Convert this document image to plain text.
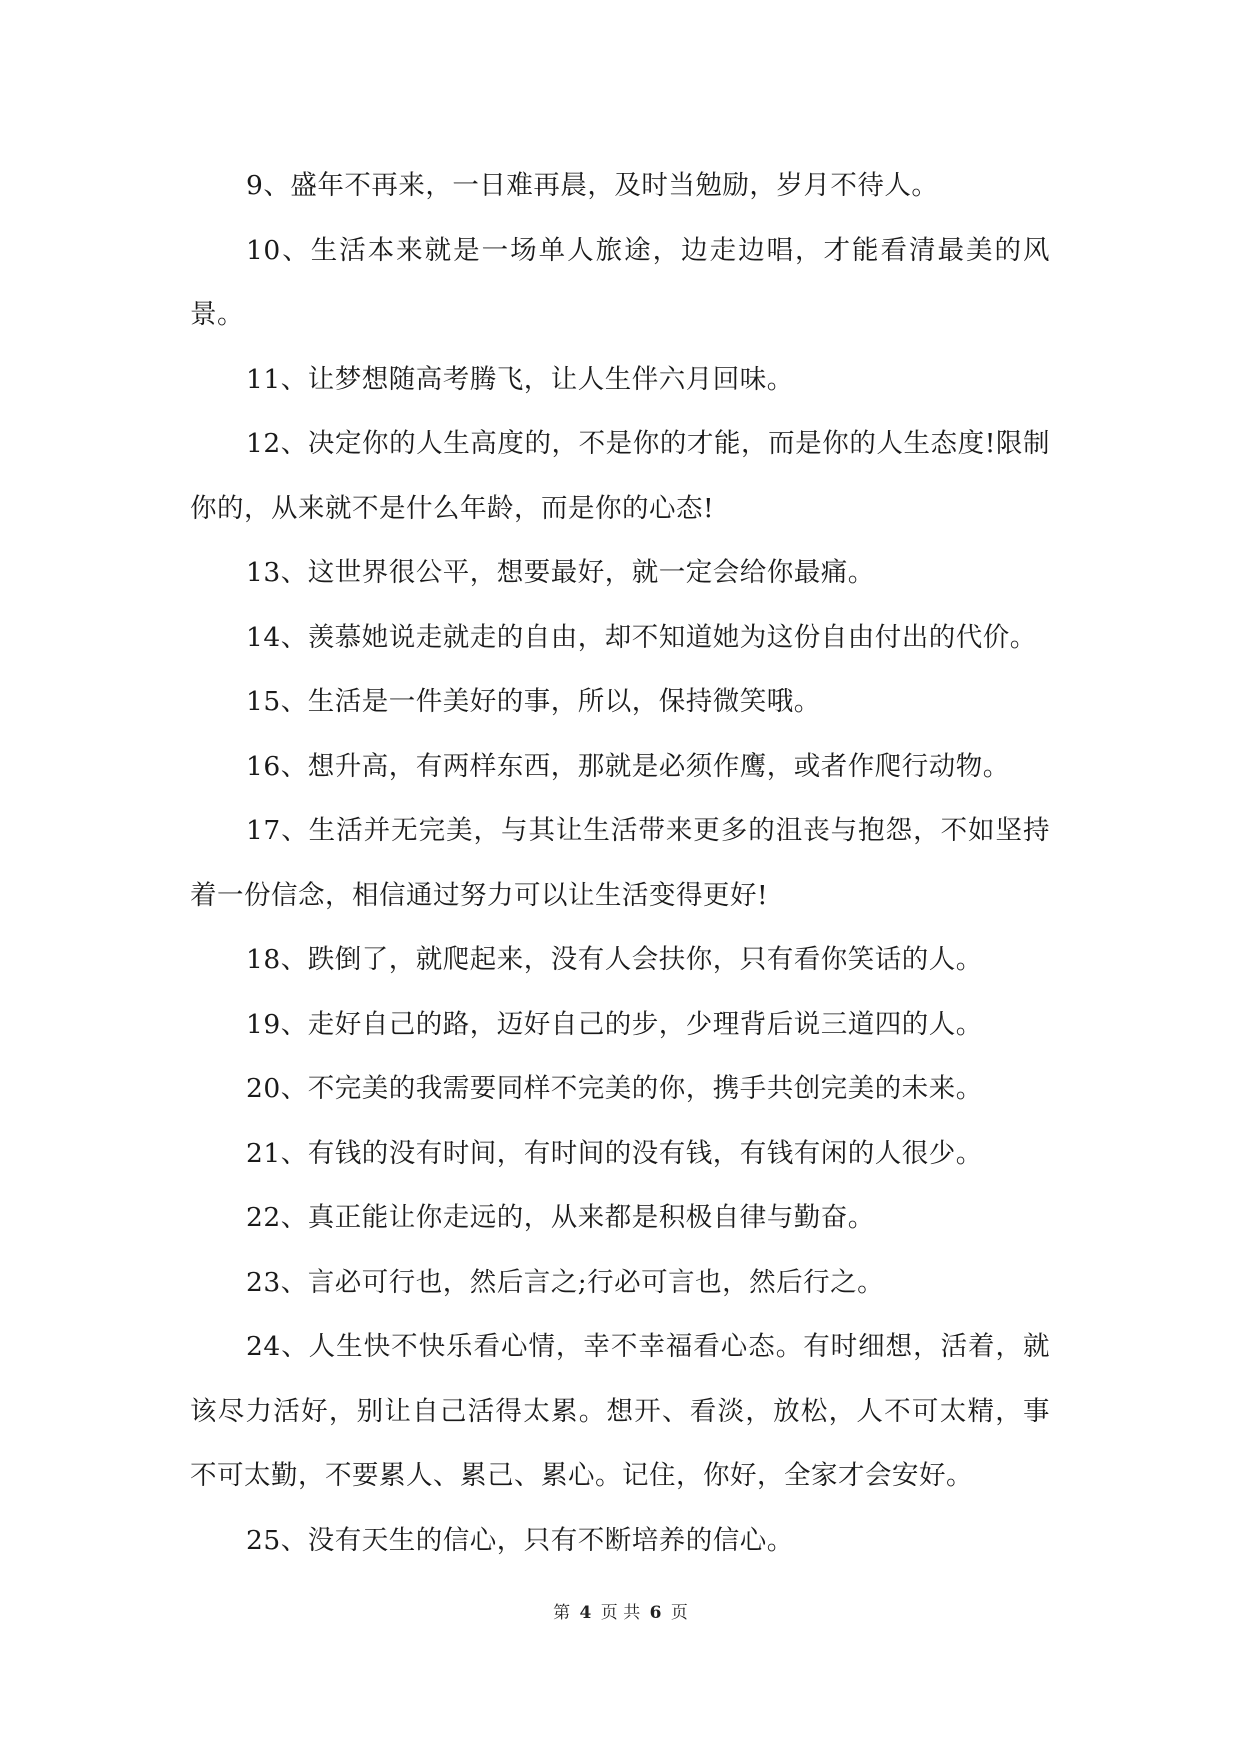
9、盛年不再来，一日难再晨，及时当勉励，岁月不待人。

10、生活本来就是一场单人旅途，边走边唱，才能看清最美的风景。

11、让梦想随高考腾飞，让人生伴六月回味。

12、决定你的人生高度的，不是你的才能，而是你的人生态度!限制你的，从来就不是什么年龄，而是你的心态!

13、这世界很公平，想要最好，就一定会给你最痛。

14、羡慕她说走就走的自由，却不知道她为这份自由付出的代价。

15、生活是一件美好的事，所以，保持微笑哦。

16、想升高，有两样东西，那就是必须作鹰，或者作爬行动物。

17、生活并无完美，与其让生活带来更多的沮丧与抱怨，不如坚持着一份信念，相信通过努力可以让生活变得更好!

18、跌倒了，就爬起来，没有人会扶你，只有看你笑话的人。

19、走好自己的路，迈好自己的步，少理背后说三道四的人。

20、不完美的我需要同样不完美的你，携手共创完美的未来。

21、有钱的没有时间，有时间的没有钱，有钱有闲的人很少。

22、真正能让你走远的，从来都是积极自律与勤奋。

23、言必可行也，然后言之;行必可言也，然后行之。

24、人生快不快乐看心情，幸不幸福看心态。有时细想，活着，就该尽力活好，别让自己活得太累。想开、看淡，放松，人不可太精，事不可太勤，不要累人、累己、累心。记住，你好，全家才会安好。

25、没有天生的信心，只有不断培养的信心。

第 4 页 共 6 页
